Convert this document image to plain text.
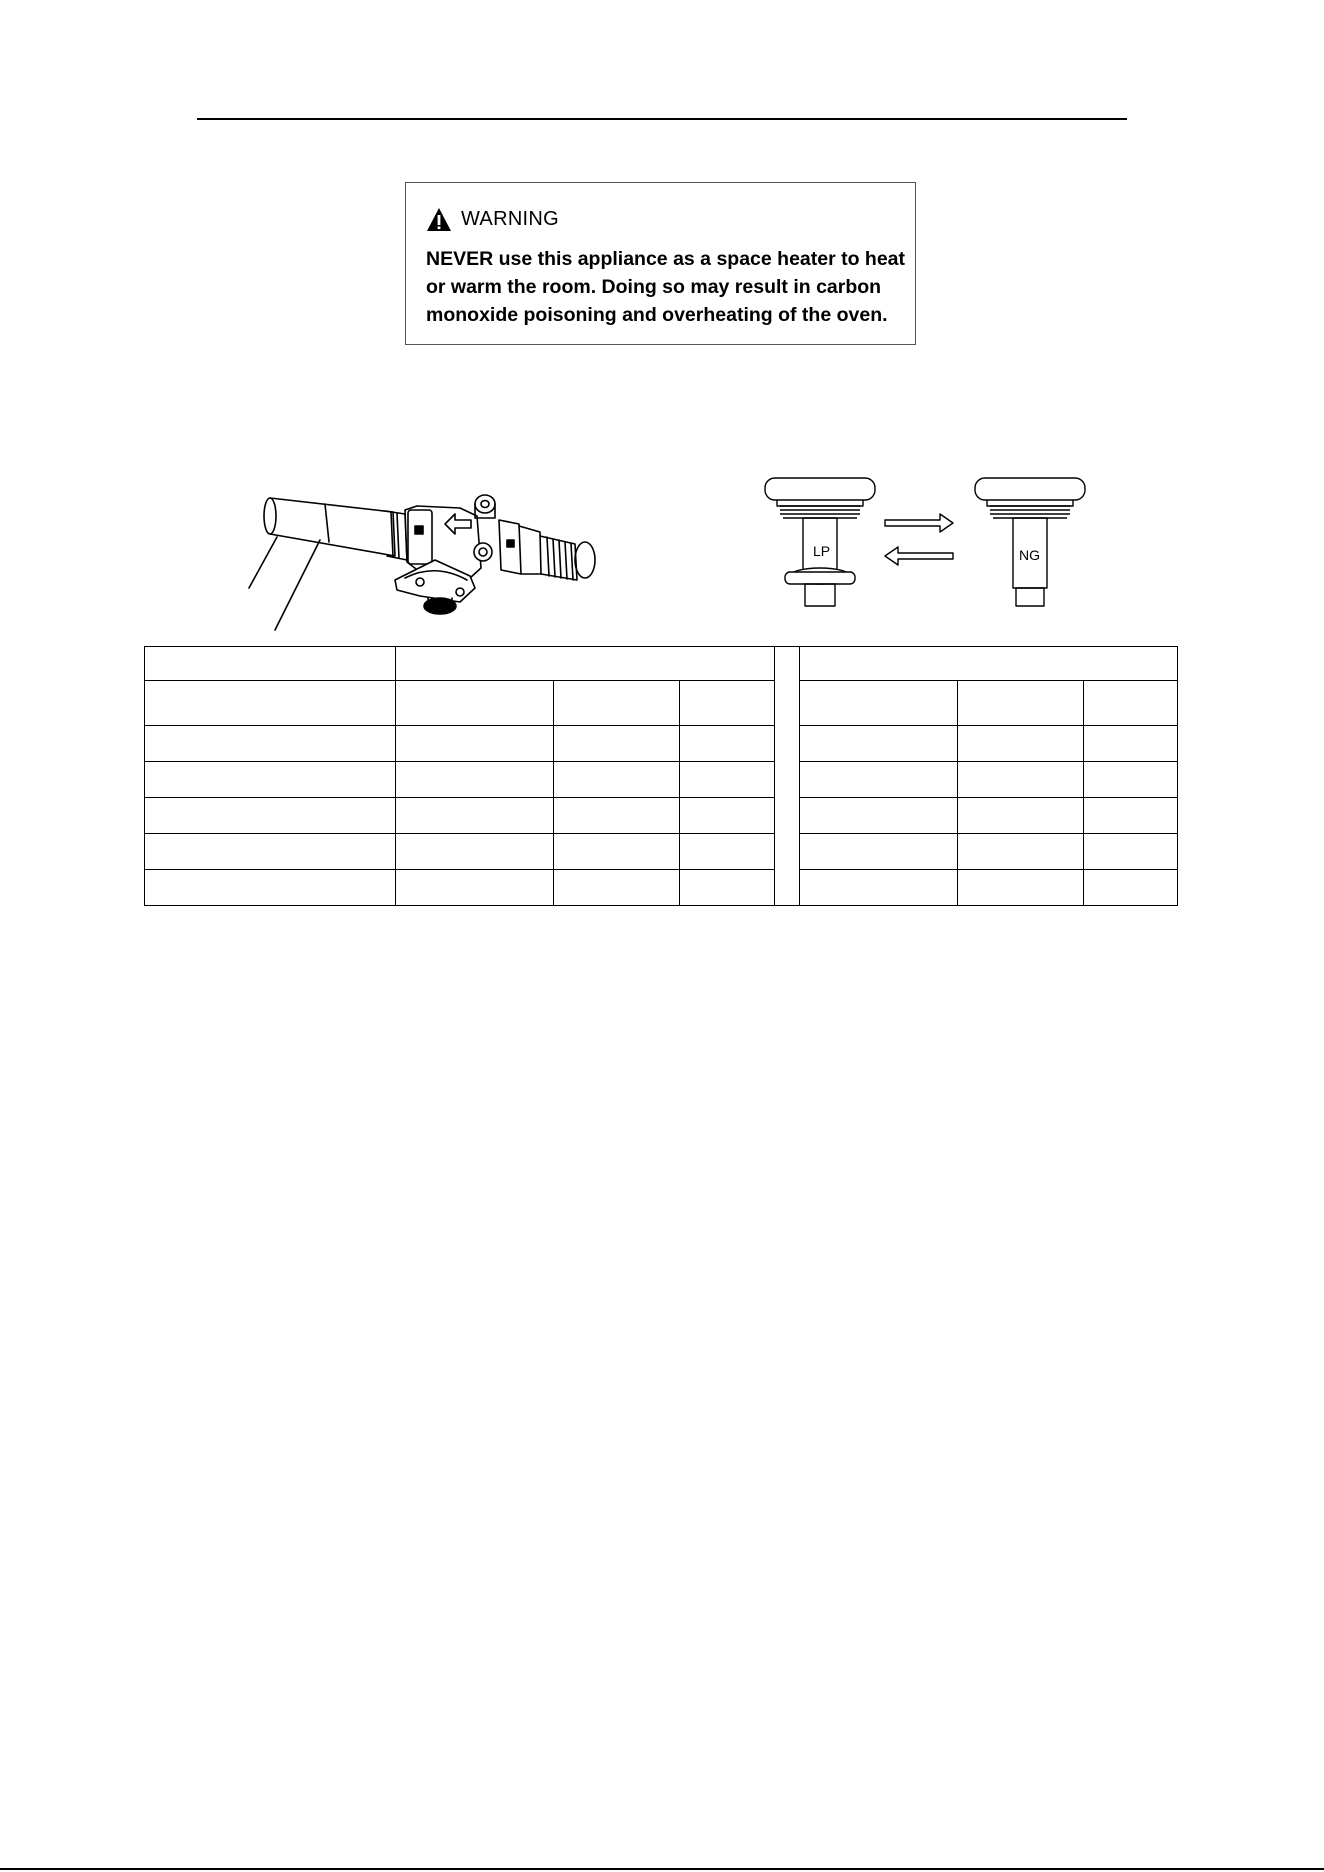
WARNING
NEVER use this appliance as a space heater to heat
or warm the room. Doing so may result in carbon
monoxide poisoning and overheating of the oven.
LP	NG
